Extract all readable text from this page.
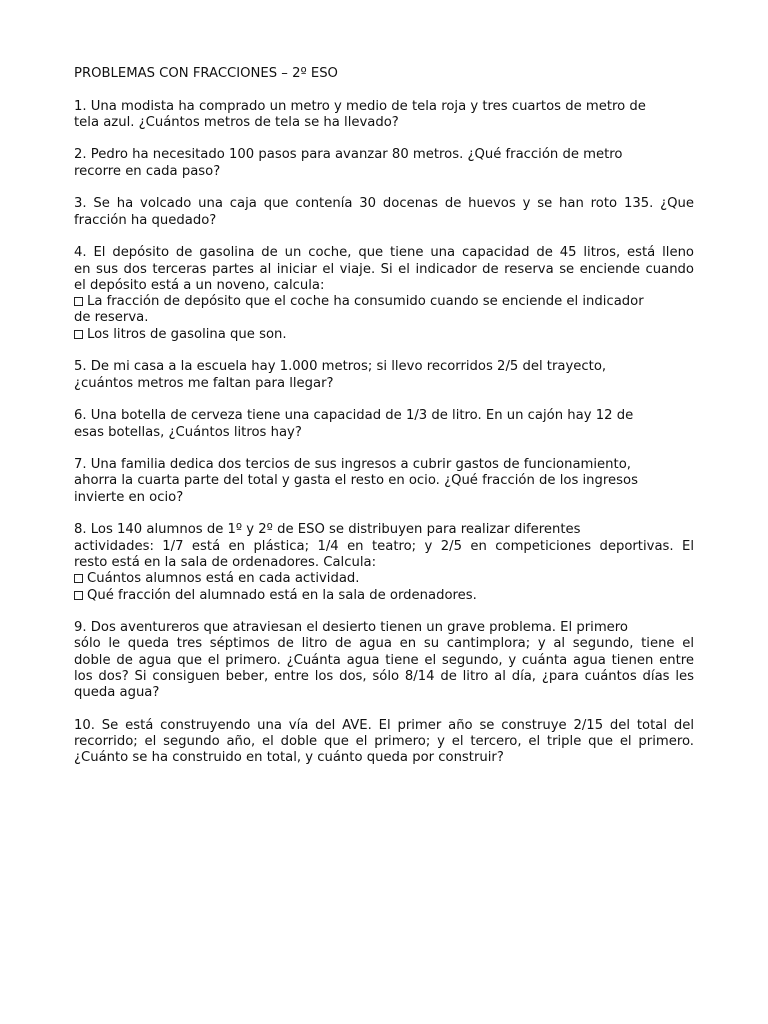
PROBLEMAS CON FRACCIONES – 2º ESO
1. Una modista ha comprado un metro y medio de tela roja y tres cuartos de metro de
tela azul. ¿Cuántos metros de tela se ha llevado?
2. Pedro ha necesitado 100 pasos para avanzar 80 metros. ¿Qué fracción de metro
recorre en cada paso?
3. Se ha volcado una caja que contenía 30 docenas de huevos y se han roto 135. ¿Que
fracción ha quedado?
4. El depósito de gasolina de un coche, que tiene una capacidad de 45 litros, está lleno
en sus dos terceras partes al iniciar el viaje. Si el indicador de reserva se enciende cuando
el depósito está a un noveno, calcula:
La fracción de depósito que el coche ha consumido cuando se enciende el indicador
de reserva.
Los litros de gasolina que son.
5. De mi casa a la escuela hay 1.000 metros; si llevo recorridos 2/5 del trayecto,
¿cuántos metros me faltan para llegar?
6. Una botella de cerveza tiene una capacidad de 1/3 de litro. En un cajón hay 12 de
esas botellas, ¿Cuántos litros hay?
7. Una familia dedica dos tercios de sus ingresos a cubrir gastos de funcionamiento,
ahorra la cuarta parte del total y gasta el resto en ocio. ¿Qué fracción de los ingresos
invierte en ocio?
8. Los 140 alumnos de 1º y 2º de ESO se distribuyen para realizar diferentes
actividades: 1/7 está en plástica; 1/4 en teatro; y 2/5 en competiciones deportivas. El
resto está en la sala de ordenadores. Calcula:
Cuántos alumnos está en cada actividad.
Qué fracción del alumnado está en la sala de ordenadores.
9. Dos aventureros que atraviesan el desierto tienen un grave problema. El primero
sólo le queda tres séptimos de litro de agua en su cantimplora; y al segundo, tiene el
doble de agua que el primero. ¿Cuánta agua tiene el segundo, y cuánta agua tienen entre
los dos? Si consiguen beber, entre los dos, sólo 8/14 de litro al día, ¿para cuántos días les
queda agua?
10. Se está construyendo una vía del AVE. El primer año se construye 2/15 del total del
recorrido; el segundo año, el doble que el primero; y el tercero, el triple que el primero.
¿Cuánto se ha construido en total, y cuánto queda por construir?
